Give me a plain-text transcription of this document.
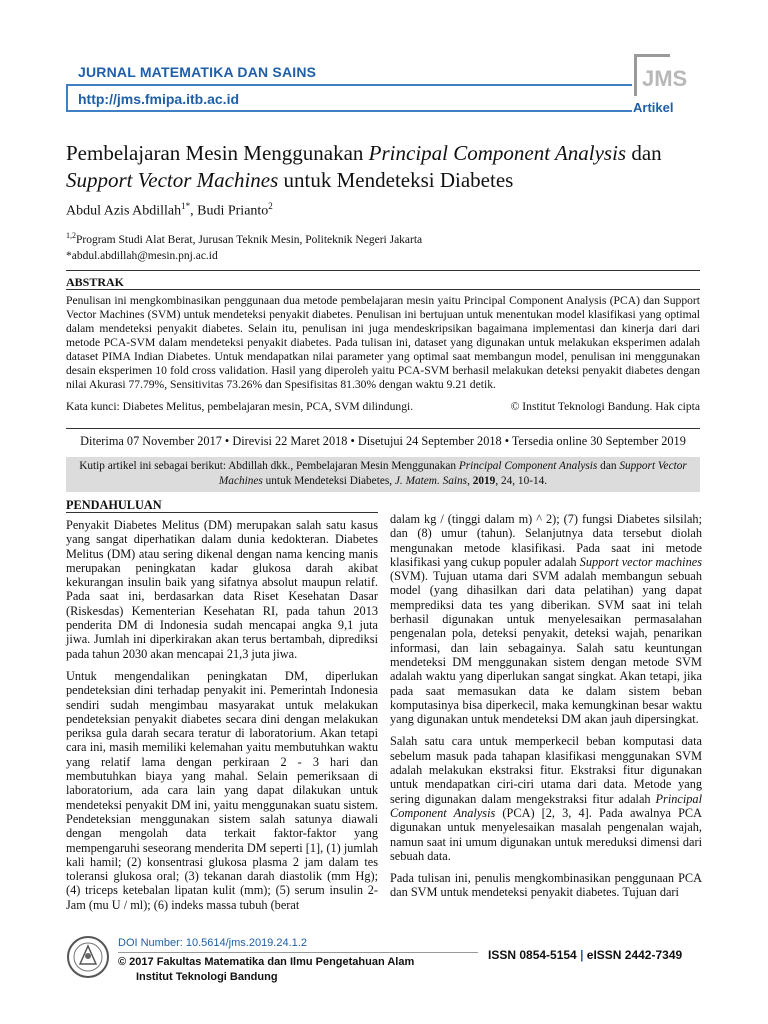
JURNAL MATEMATIKA DAN SAINS
http://jms.fmipa.itb.ac.id
JMS
Artikel
Pembelajaran Mesin Menggunakan Principal Component Analysis dan
Support Vector Machines untuk Mendeteksi Diabetes
Abdul Azis Abdillah$^{1*}$, Budi Prianto$^2$
$^{1,2}$Program Studi Alat Berat, Jurusan Teknik Mesin, Politeknik Negeri Jakarta
*abdul.abdillah@mesin.pnj.ac.id
ABSTRAK
Penulisan ini mengkombinasikan penggunaan dua metode pembelajaran mesin yaitu Principal Component Analysis (PCA) dan Support Vector Machines (SVM) untuk mendeteksi penyakit diabetes. Penulisan ini bertujuan untuk menentukan model klasifikasi yang optimal dalam mendeteksi penyakit diabetes. Selain itu, penulisan ini juga mendeskripsikan bagaimana implementasi dan kinerja dari dari metode PCA-SVM dalam mendeteksi penyakit diabetes. Pada tulisan ini, dataset yang digunakan untuk melakukan eksperimen adalah dataset PIMA Indian Diabetes. Untuk mendapatkan nilai parameter yang optimal saat membangun model, penulisan ini menggunakan desain eksperimen 10 fold cross validation. Hasil yang diperoleh yaitu PCA-SVM berhasil melakukan deteksi penyakit diabetes dengan nilai Akurasi 77.79%, Sensitivitas 73.26% dan Spesifisitas 81.30% dengan waktu 9.21 detik.
Kata kunci: Diabetes Melitus, pembelajaran mesin, PCA, SVM dilindungi.	© Institut Teknologi Bandung. Hak cipta
Diterima 07 November 2017 • Direvisi 22 Maret 2018 • Disetujui 24 September 2018 • Tersedia online 30 September 2019
Kutip artikel ini sebagai berikut: Abdillah dkk., Pembelajaran Mesin Menggunakan Principal Component Analysis dan Support Vector Machines untuk Mendeteksi Diabetes, J. Matem. Sains, 2019, 24, 10-14.
PENDAHULUAN

Penyakit Diabetes Melitus (DM) merupakan salah satu kasus yang sangat diperhatikan dalam dunia kedokteran. Diabetes Melitus (DM) atau sering dikenal dengan nama kencing manis merupakan peningkatan kadar glukosa darah akibat kekurangan insulin baik yang sifatnya absolut maupun relatif. Pada saat ini, berdasarkan data Riset Kesehatan Dasar (Riskesdas) Kementerian Kesehatan RI, pada tahun 2013 penderita DM di Indonesia sudah mencapai angka 9,1 juta jiwa. Jumlah ini diperkirakan akan terus bertambah, diprediksi pada tahun 2030 akan mencapai 21,3 juta jiwa.

Untuk mengendalikan peningkatan DM, diperlukan pendeteksian dini terhadap penyakit ini. Pemerintah Indonesia sendiri sudah mengimbau masyarakat untuk melakukan pendeteksian penyakit diabetes secara dini dengan melakukan periksa gula darah secara teratur di laboratorium. Akan tetapi cara ini, masih memiliki kelemahan yaitu membutuhkan waktu yang relatif lama dengan perkiraan 2 - 3 hari dan membutuhkan biaya yang mahal. Selain pemeriksaan di laboratorium, ada cara lain yang dapat dilakukan untuk mendeteksi penyakit DM ini, yaitu menggunakan suatu sistem. Pendeteksian menggunakan sistem salah satunya diawali dengan mengolah data terkait faktor-faktor yang mempengaruhi seseorang menderita DM seperti [1], (1) jumlah kali hamil; (2) konsentrasi glukosa plasma 2 jam dalam tes toleransi glukosa oral; (3) tekanan darah diastolik (mm Hg); (4) triceps ketebalan lipatan kulit (mm); (5) serum insulin 2-Jam (mu U / ml); (6) indeks massa tubuh (berat

dalam kg / (tinggi dalam m) ^ 2); (7) fungsi Diabetes silsilah; dan (8) umur (tahun). Selanjutnya data tersebut diolah mengunakan metode klasifikasi. Pada saat ini metode klasifikasi yang cukup populer adalah Support vector machines (SVM). Tujuan utama dari SVM adalah membangun sebuah model (yang dihasilkan dari data pelatihan) yang dapat memprediksi data tes yang diberikan. SVM saat ini telah berhasil digunakan untuk menyelesaikan permasalahan pengenalan pola, deteksi penyakit, deteksi wajah, penarikan informasi, dan lain sebagainya. Salah satu keuntungan mendeteksi DM menggunakan sistem dengan metode SVM adalah waktu yang diperlukan sangat singkat. Akan tetapi, jika pada saat memasukan data ke dalam sistem beban komputasinya bisa diperkecil, maka kemungkinan besar waktu yang digunakan untuk mendeteksi DM akan jauh dipersingkat.

Salah satu cara untuk memperkecil beban komputasi data sebelum masuk pada tahapan klasifikasi menggunakan SVM adalah melakukan ekstraksi fitur. Ekstraksi fitur digunakan untuk mendapatkan ciri-ciri utama dari data. Metode yang sering digunakan dalam mengekstraksi fitur adalah Principal Component Analysis (PCA) [2, 3, 4]. Pada awalnya PCA digunakan untuk menyelesaikan masalah pengenalan wajah, namun saat ini umum digunakan untuk mereduksi dimensi dari sebuah data.

Pada tulisan ini, penulis mengkombinasikan penggunaan PCA dan SVM untuk mendeteksi penyakit diabetes. Tujuan dari

DOI Number: 10.5614/jms.2019.24.1.2
© 2017 Fakultas Matematika dan Ilmu Pengetahuan Alam
Institut Teknologi Bandung
ISSN 0854-5154 | eISSN 2442-7349
